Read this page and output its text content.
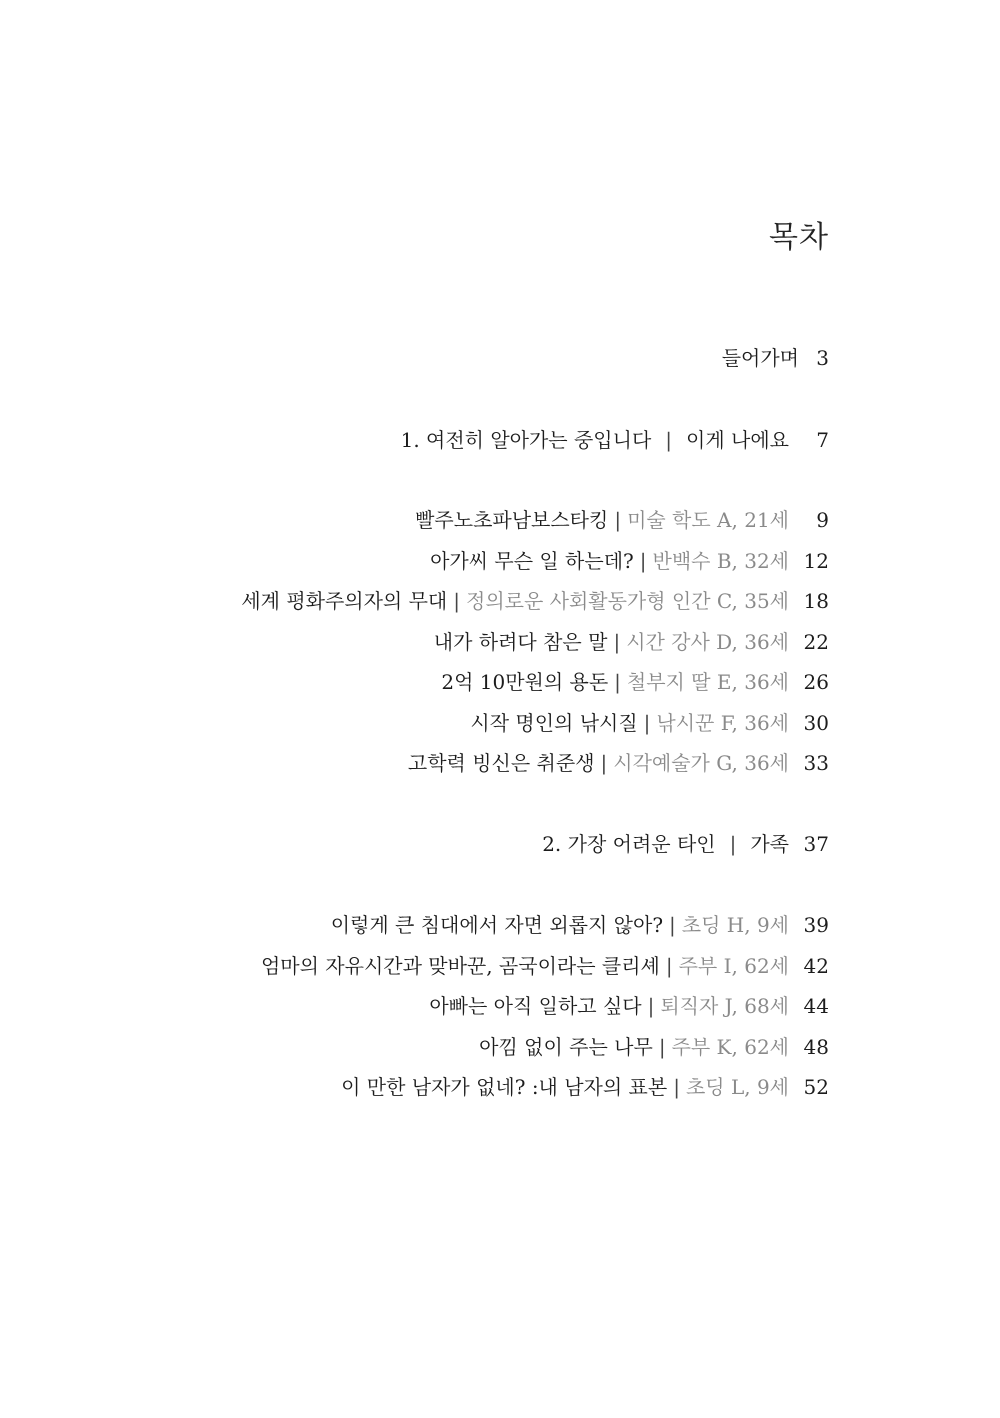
목차
들어가며 3
1. 여전히 알아가는 중입니다 | 이게 나에요	7
빨주노초파남보스타킹 | 미술 학도 A, 21세	9
아가씨 무슨 일 하는데? | 반백수 B, 32세 12
세계 평화주의자의 무대 | 정의로운 사회활동가형 인간 C, 35세 18
내가 하려다 참은 말 | 시간 강사 D, 36세 22
2억 10만원의 용돈 | 철부지 딸 E, 36세 26
시작 명인의 낚시질 | 낚시꾼 F, 36세 30
고학력 빙신은 취준생 | 시각예술가 G, 36세 33
2. 가장 어려운 타인 | 가족 37
이렇게 큰 침대에서 자면 외롭지 않아? | 초딩 H, 9세 39
엄마의 자유시간과 맞바꾼, 곰국이라는 클리셰 | 주부 I, 62세 42
아빠는 아직 일하고 싶다 | 퇴직자 J, 68세 44
아낌 없이 주는 나무 | 주부 K, 62세 48
이 만한 남자가 없네? :내 남자의 표본 | 초딩 L, 9세 52
